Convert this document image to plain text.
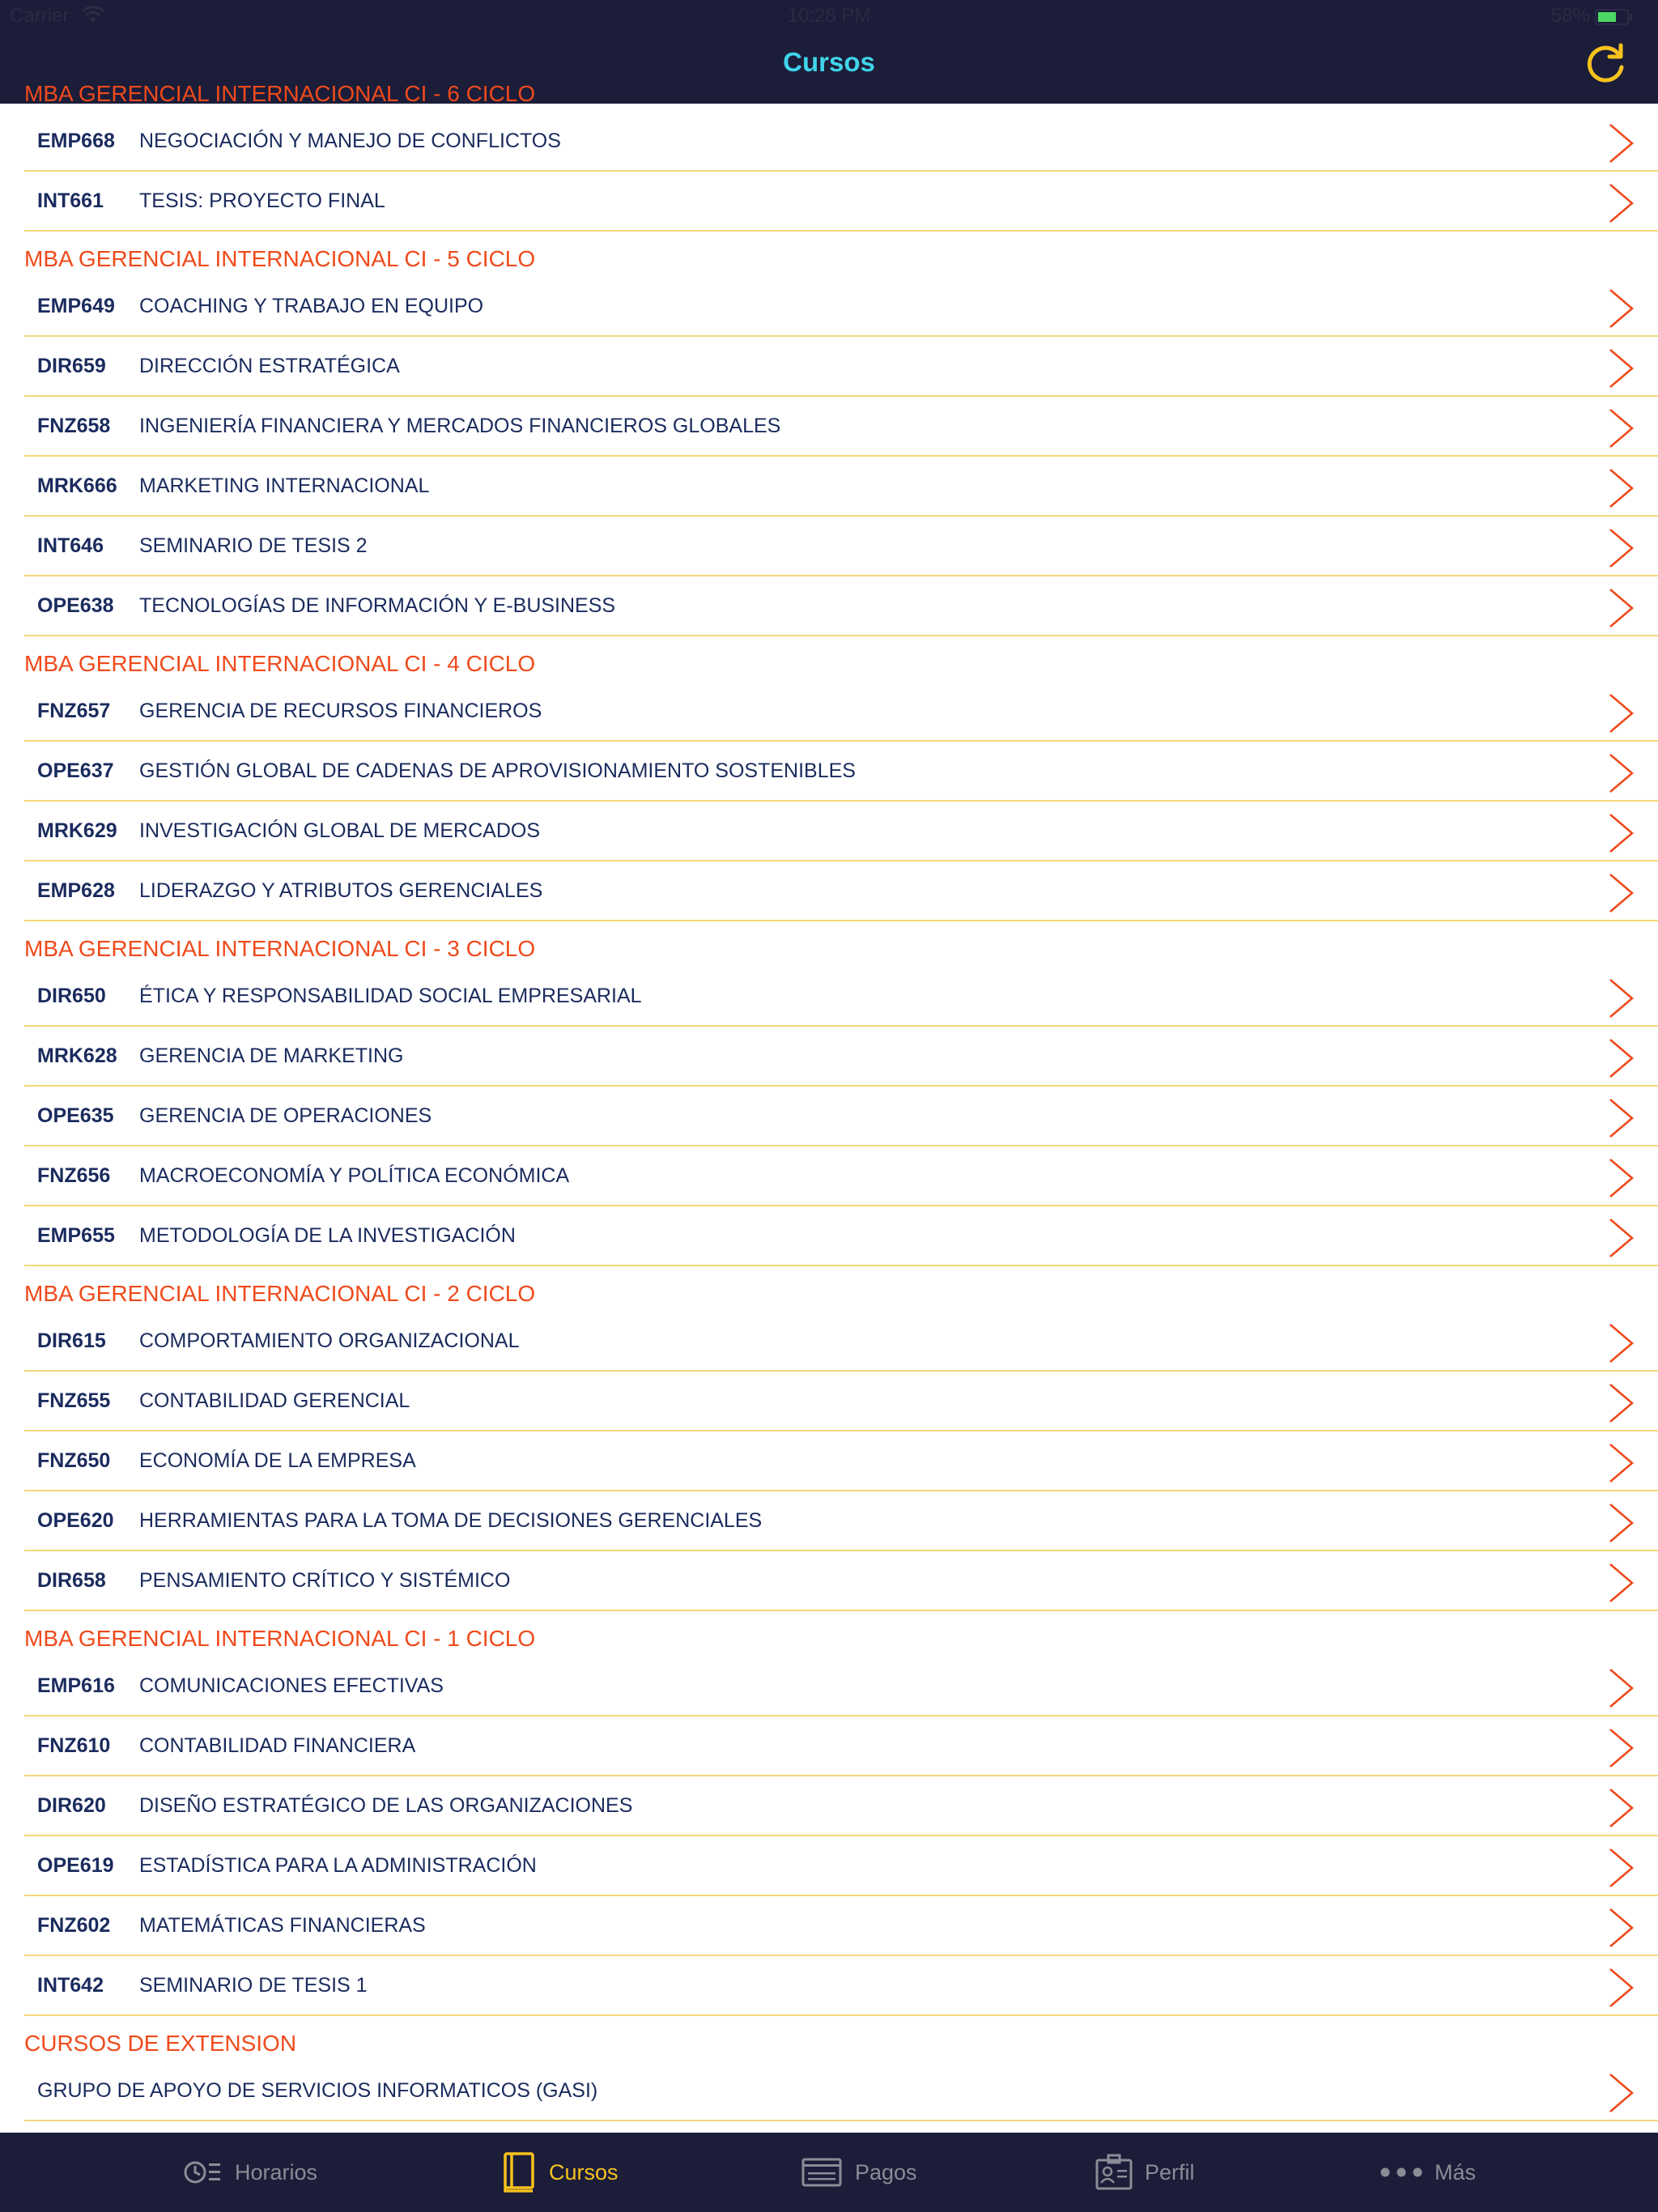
Carrier	10:28 PM	58%
Cursos
MBA GERENCIAL INTERNACIONAL CI - 6 CICLO
EMP668 NEGOCIACIÓN Y MANEJO DE CONFLICTOS
INT661 TESIS: PROYECTO FINAL
MBA GERENCIAL INTERNACIONAL CI - 5 CICLO
EMP649 COACHING Y TRABAJO EN EQUIPO
DIR659 DIRECCIÓN ESTRATÉGICA
FNZ658 INGENIERÍA FINANCIERA Y MERCADOS FINANCIEROS GLOBALES
MRK666 MARKETING INTERNACIONAL
INT646 SEMINARIO DE TESIS 2
OPE638 TECNOLOGÍAS DE INFORMACIÓN Y E-BUSINESS
MBA GERENCIAL INTERNACIONAL CI - 4 CICLO
FNZ657 GERENCIA DE RECURSOS FINANCIEROS
OPE637 GESTIÓN GLOBAL DE CADENAS DE APROVISIONAMIENTO SOSTENIBLES
MRK629 INVESTIGACIÓN GLOBAL DE MERCADOS
EMP628 LIDERAZGO Y ATRIBUTOS GERENCIALES
MBA GERENCIAL INTERNACIONAL CI - 3 CICLO
DIR650 ÉTICA Y RESPONSABILIDAD SOCIAL EMPRESARIAL
MRK628 GERENCIA DE MARKETING
OPE635 GERENCIA DE OPERACIONES
FNZ656 MACROECONOMÍA Y POLÍTICA ECONÓMICA
EMP655 METODOLOGÍA DE LA INVESTIGACIÓN
MBA GERENCIAL INTERNACIONAL CI - 2 CICLO
DIR615 COMPORTAMIENTO ORGANIZACIONAL
FNZ655 CONTABILIDAD GERENCIAL
FNZ650 ECONOMÍA DE LA EMPRESA
OPE620 HERRAMIENTAS PARA LA TOMA DE DECISIONES GERENCIALES
DIR658 PENSAMIENTO CRÍTICO Y SISTÉMICO
MBA GERENCIAL INTERNACIONAL CI - 1 CICLO
EMP616 COMUNICACIONES EFECTIVAS
FNZ610 CONTABILIDAD FINANCIERA
DIR620 DISEÑO ESTRATÉGICO DE LAS ORGANIZACIONES
OPE619 ESTADÍSTICA PARA LA ADMINISTRACIÓN
FNZ602 MATEMÁTICAS FINANCIERAS
INT642 SEMINARIO DE TESIS 1
CURSOS DE EXTENSION
GRUPO DE APOYO DE SERVICIOS INFORMATICOS (GASI)
Horarios	Cursos	Pagos	Perfil	Más
